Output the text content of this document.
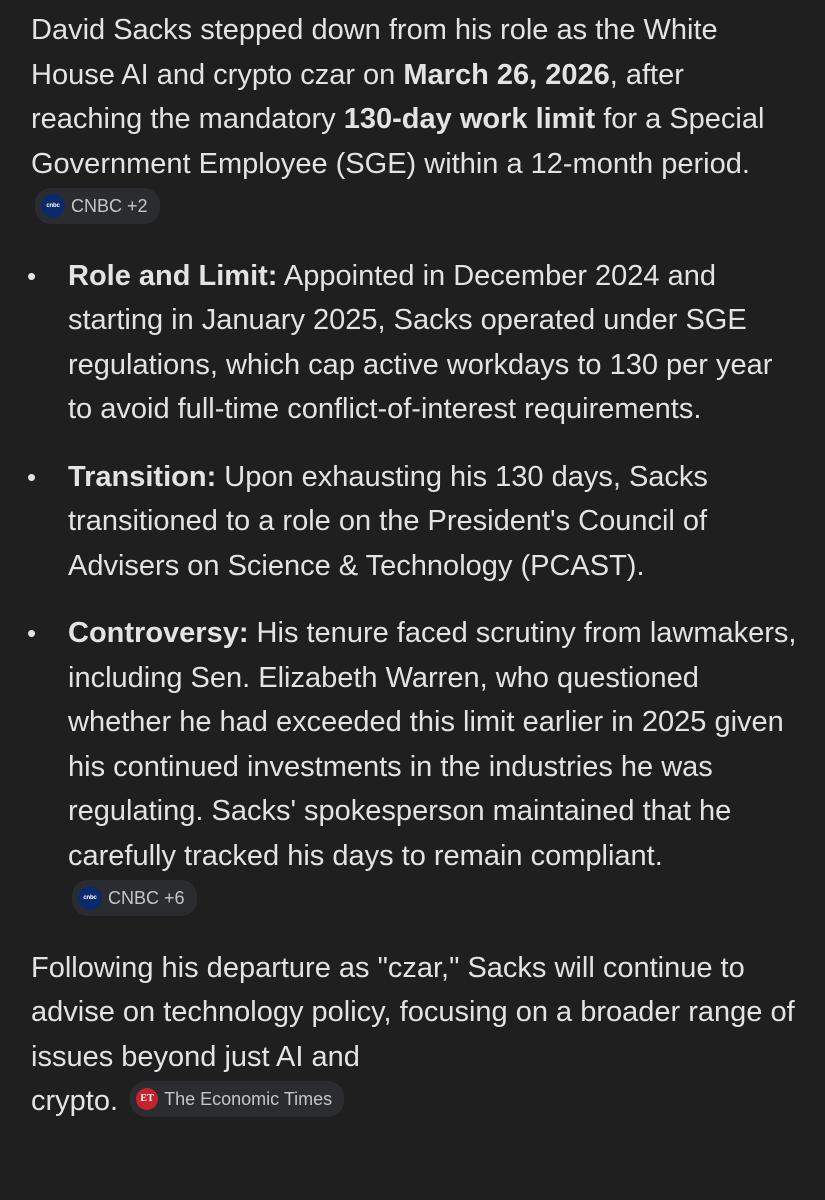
David Sacks stepped down from his role as the White House AI and crypto czar on March 26, 2026, after reaching the mandatory 130-day work limit for a Special Government Employee (SGE) within a 12-month period.
cnbc CNBC +2

• Role and Limit: Appointed in December 2024 and starting in January 2025, Sacks operated under SGE regulations, which cap active workdays to 130 per year to avoid full-time conflict-of-interest requirements.
• Transition: Upon exhausting his 130 days, Sacks transitioned to a role on the President's Council of Advisers on Science & Technology (PCAST).
• Controversy: His tenure faced scrutiny from lawmakers, including Sen. Elizabeth Warren, who questioned whether he had exceeded this limit earlier in 2025 given his continued investments in the industries he was regulating. Sacks' spokesperson maintained that he carefully tracked his days to remain compliant.
cnbc CNBC +6

Following his departure as "czar," Sacks will continue to advise on technology policy, focusing on a broader range of issues beyond just AI and
crypto.	ET The Economic Times
